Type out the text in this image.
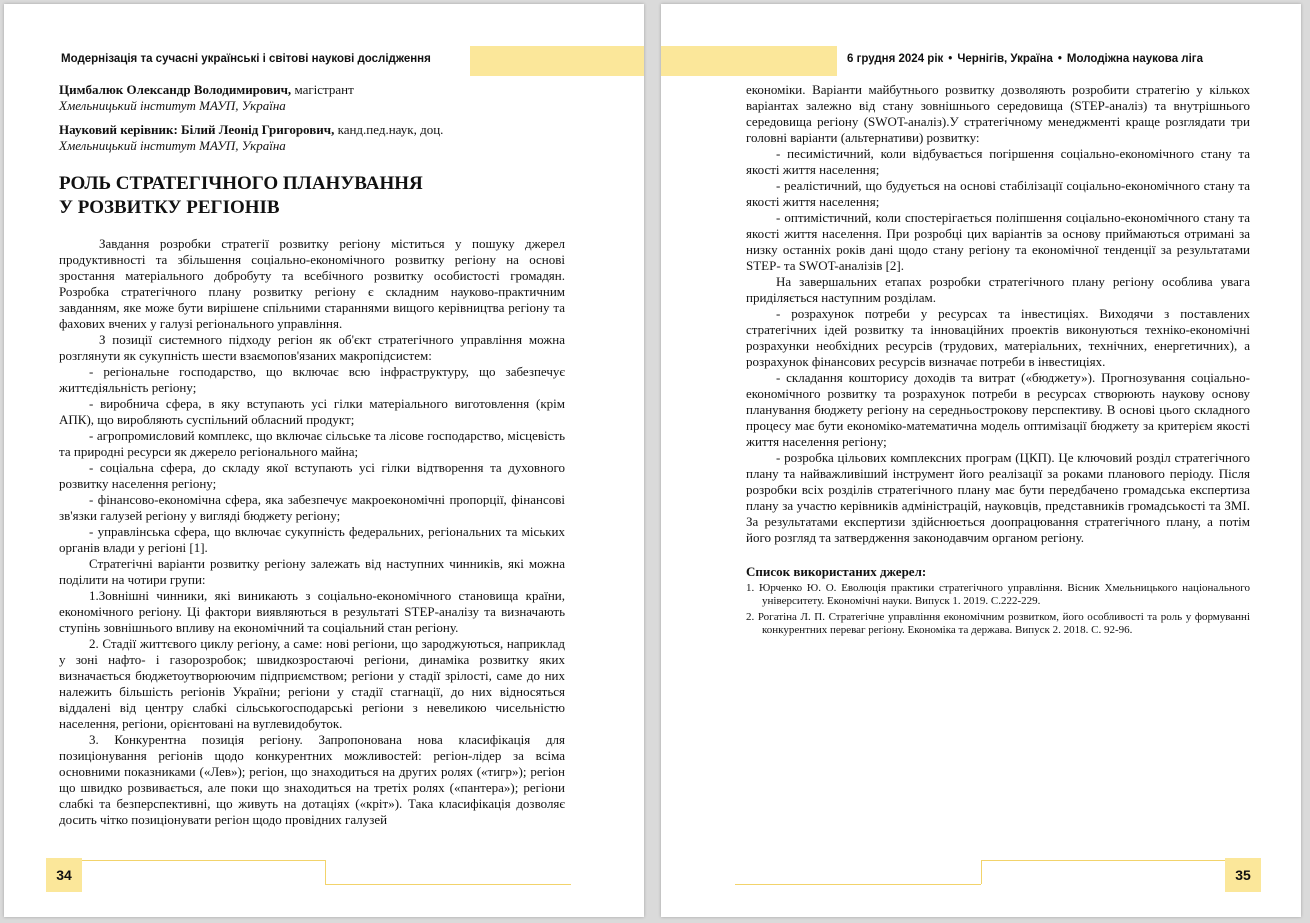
Модернізація та сучасні українські і світові наукові дослідження
Цимбалюк Олександр Володимирович, магістрант
Хмельницький інститут МАУП, Україна
Науковий керівник: Білий Леонід Григорович, канд.пед.наук, доц.
Хмельницький інститут МАУП, Україна
РОЛЬ СТРАТЕГІЧНОГО ПЛАНУВАННЯ
У РОЗВИТКУ РЕГІОНІВ

Завдання розробки стратегії розвитку регіону міститься у пошуку джерел продуктивності та збільшення соціально-економічного розвитку регіону на основі зростання матеріального добробуту та всебічного розвитку особистості громадян. Розробка стратегічного плану розвитку регіону є складним науково-практичним завданням, яке може бути вирішене спільними стараннями вищого керівництва регіону та фахових вчених у галузі регіонального управління.

З позиції системного підходу регіон як об'єкт стратегічного управління можна розглянути як сукупність шести взаємопов'язаних макропідсистем:

- регіональне господарство, що включає всю інфраструктуру, що забезпечує життєдіяльність регіону;

- виробнича сфера, в яку вступають усі гілки матеріального виготовлення (крім АПК), що виробляють суспільний обласний продукт;

- агропромисловий комплекс, що включає сільське та лісове господарство, місцевість та природні ресурси як джерело регіонального майна;

- соціальна сфера, до складу якої вступають усі гілки відтворення та духовного розвитку населення регіону;

- фінансово-економічна сфера, яка забезпечує макроекономічні пропорції, фінансові зв'язки галузей регіону у вигляді бюджету регіону;

- управлінська сфера, що включає сукупність федеральних, регіональних та міських органів влади у регіоні [1].

Стратегічні варіанти розвитку регіону залежать від наступних чинників, які можна поділити на чотири групи:

1.Зовнішні чинники, які виникають з соціально-економічного становища країни, економічного регіону. Ці фактори виявляються в результаті STEP-аналізу та визначають ступінь зовнішнього впливу на економічний та соціальний стан регіону.

2. Стадії життєвого циклу регіону, а саме: нові регіони, що зароджуються, наприклад у зоні нафто- і газорозробок; швидкозростаючі регіони, динаміка розвитку яких визначається бюджетоутворюючим підприємством; регіони у стадії зрілості, саме до них належить більшість регіонів України; регіони у стадії стагнації, до них відносяться віддалені від центру слабкі сільськогосподарські регіони з невеликою чисельністю населення, регіони, орієнтовані на вуглевидобуток.

3. Конкурентна позиція регіону. Запропонована нова класифікація для позиціонування регіонів щодо конкурентних можливостей: регіон-лідер за всіма основними показниками («Лев»); регіон, що знаходиться на других ролях («тигр»); регіон що швидко розвивається, але поки що знаходиться на третіх ролях («пантера»); регіони слабкі та безперспективні, що живуть на дотаціях («кріт»). Така класифікація дозволяє досить чітко позиціонувати регіон щодо провідних галузей

34
6 грудня 2024 рік • Чернігів, Україна • Молодіжна наукова ліга

економіки. Варіанти майбутнього розвитку дозволяють розробити стратегію у кількох варіантах залежно від стану зовнішнього середовища (STEP-аналіз) та внутрішнього середовища регіону (SWOT-аналіз).У стратегічному менеджменті краще розглядати три головні варіанти (альтернативи) розвитку:

- песимістичний, коли відбувається погіршення соціально-економічного стану та якості життя населення;

- реалістичний, що будується на основі стабілізації соціально-економічного стану та якості життя населення;

- оптимістичний, коли спостерігається поліпшення соціально-економічного стану та якості життя населення. При розробці цих варіантів за основу приймаються отримані за низку останніх років дані щодо стану регіону та економічної тенденції за результатами STEP- та SWOT-аналізів [2].

На завершальних етапах розробки стратегічного плану регіону особлива увага приділяється наступним розділам.

- розрахунок потреби у ресурсах та інвестиціях. Виходячи з поставлених стратегічних ідей розвитку та інноваційних проектів виконуються техніко-економічні розрахунки необхідних ресурсів (трудових, матеріальних, технічних, енергетичних), а розрахунок фінансових ресурсів визначає потреби в інвестиціях.

- складання кошторису доходів та витрат («бюджету»). Прогнозування соціально-економічного розвитку та розрахунок потреби в ресурсах створюють наукову основу планування бюджету регіону на середньострокову перспективу. В основі цього складного процесу має бути економіко-математична модель оптимізації бюджету за критерієм якості життя населення регіону;

- розробка цільових комплексних програм (ЦКП). Це ключовий розділ стратегічного плану та найважливіший інструмент його реалізації за роками планового періоду. Після розробки всіх розділів стратегічного плану має бути передбачено громадська експертиза плану за участю керівників адміністрацій, науковців, представників громадськості та ЗМІ. За результатами експертизи здійснюється доопрацювання стратегічного плану, а потім його розгляд та затвердження законодавчим органом регіону.

Список використаних джерел:
1. Юрченко Ю. О. Еволюція практики стратегічного управління. Вісник Хмельницького національного університету. Економічні науки. Випуск 1. 2019. С.222-229.
2. Рогатіна Л. П. Стратегічне управління економічним розвитком, його особливості та роль у формуванні конкурентних переваг регіону. Економіка та держава. Випуск 2. 2018. С. 92-96.
35
